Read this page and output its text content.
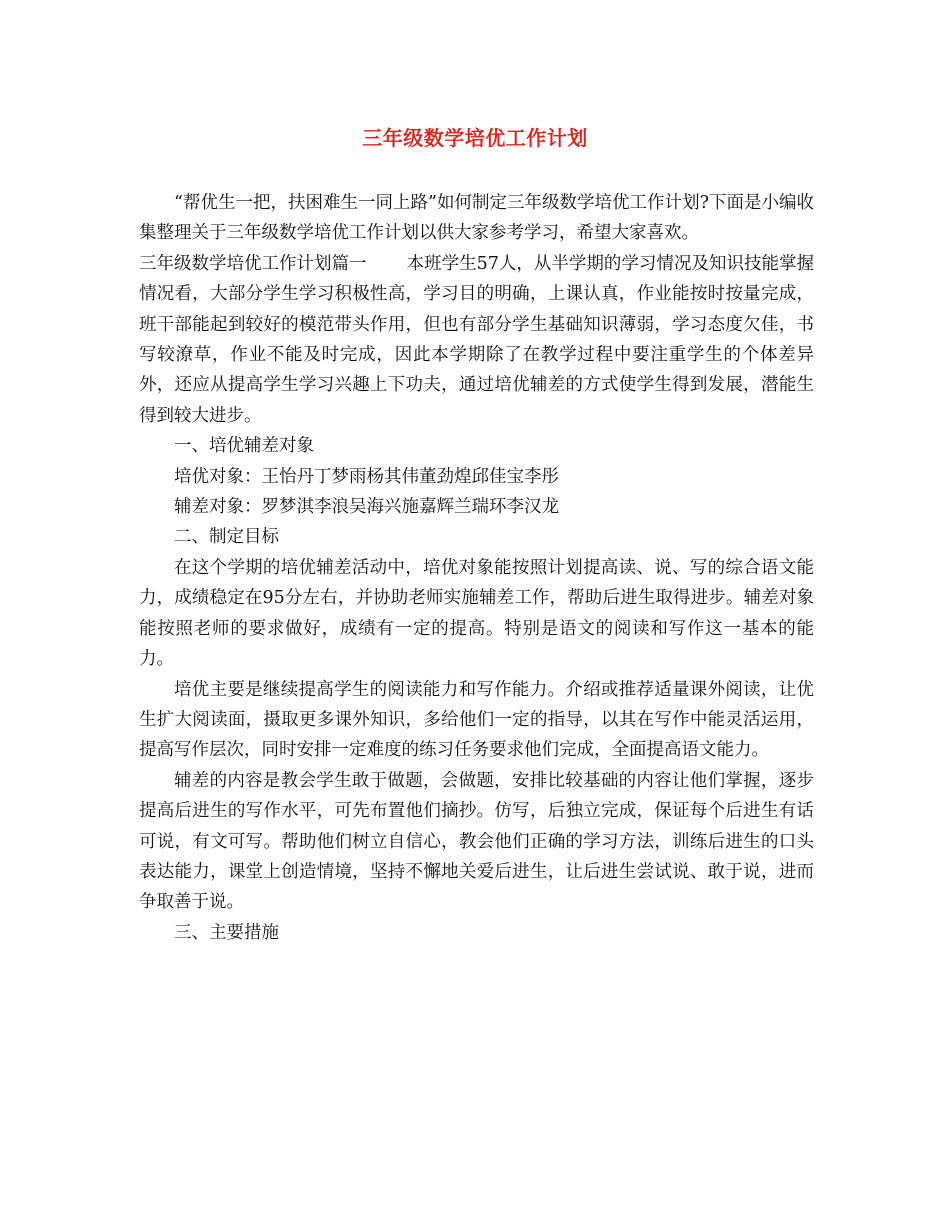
三年级数学培优工作计划

“帮优生一把，扶困难生一同上路”如何制定三年级数学培优工作计划?下面是小编收集整理关于三年级数学培优工作计划以供大家参考学习，希望大家喜欢。

三年级数学培优工作计划篇一 本班学生57人，从半学期的学习情况及知识技能掌握情况看，大部分学生学习积极性高，学习目的明确，上课认真，作业能按时按量完成，班干部能起到较好的模范带头作用，但也有部分学生基础知识薄弱，学习态度欠佳，书写较潦草，作业不能及时完成，因此本学期除了在教学过程中要注重学生的个体差异外，还应从提高学生学习兴趣上下功夫，通过培优辅差的方式使学生得到发展，潜能生得到较大进步。

一、培优辅差对象

培优对象：王怡丹丁梦雨杨其伟董劲煌邱佳宝李彤

辅差对象：罗梦淇李浪吴海兴施嘉辉兰瑞环李汉龙

二、制定目标

在这个学期的培优辅差活动中，培优对象能按照计划提高读、说、写的综合语文能力，成绩稳定在95分左右，并协助老师实施辅差工作，帮助后进生取得进步。辅差对象能按照老师的要求做好，成绩有一定的提高。特别是语文的阅读和写作这一基本的能力。

培优主要是继续提高学生的阅读能力和写作能力。介绍或推荐适量课外阅读，让优生扩大阅读面，摄取更多课外知识，多给他们一定的指导，以其在写作中能灵活运用，提高写作层次，同时安排一定难度的练习任务要求他们完成，全面提高语文能力。

辅差的内容是教会学生敢于做题，会做题，安排比较基础的内容让他们掌握，逐步提高后进生的写作水平，可先布置他们摘抄。仿写，后独立完成，保证每个后进生有话可说，有文可写。帮助他们树立自信心，教会他们正确的学习方法，训练后进生的口头表达能力，课堂上创造情境，坚持不懈地关爱后进生，让后进生尝试说、敢于说，进而争取善于说。

三、主要措施
